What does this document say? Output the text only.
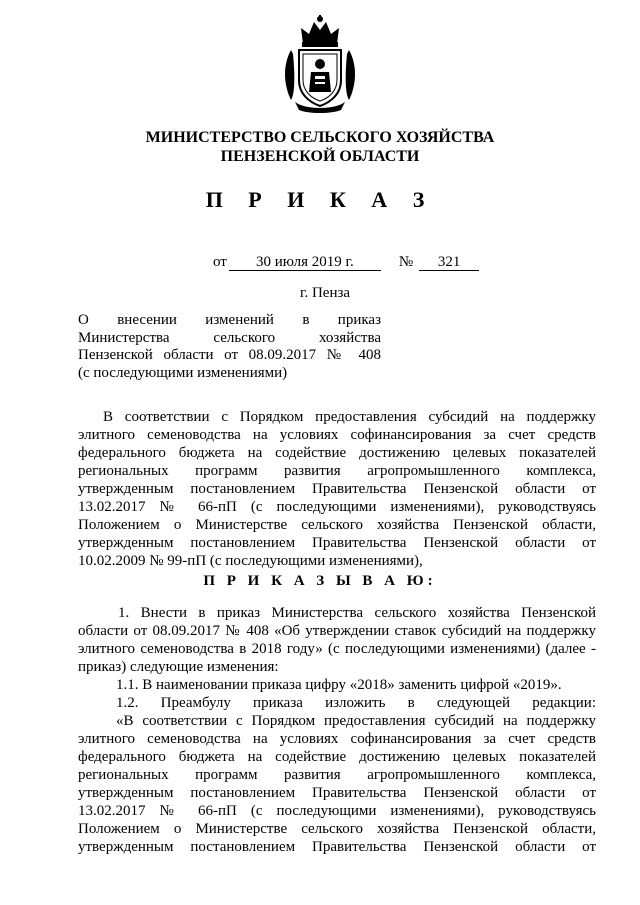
МИНИСТЕРСТВО СЕЛЬСКОГО ХОЗЯЙСТВА
ПЕНЗЕНСКОЙ ОБЛАСТИ
П Р И К А З
от 30 июля 2019 г.	№ 321
г. Пенза
О внесении изменений в приказ
Министерства сельского хозяйства
Пензенской области от 08.09.2017 № 408
(с последующими изменениями)
В соответствии с Порядком предоставления субсидий на поддержку
элитного семеноводства на условиях софинансирования за счет средств
федерального бюджета на содействие достижению целевых показателей
региональных программ развития агропромышленного комплекса,
утвержденным постановлением Правительства Пензенской области от
13.02.2017 № 66-пП (с последующими изменениями), руководствуясь
Положением о Министерстве сельского хозяйства Пензенской области,
утвержденным постановлением Правительства Пензенской области от
10.02.2009 № 99-пП (с последующими изменениями),
П Р И К А З Ы В А Ю:
1. Внести в приказ Министерства сельского хозяйства Пензенской
области от 08.09.2017 № 408 «Об утверждении ставок субсидий на поддержку
элитного семеноводства в 2018 году» (с последующими изменениями) (далее -
приказ) следующие изменения:
1.1. В наименовании приказа цифру «2018» заменить цифрой «2019».
1.2. Преамбулу приказа изложить в следующей редакции:
«В соответствии с Порядком предоставления субсидий на поддержку
элитного семеноводства на условиях софинансирования за счет средств
федерального бюджета на содействие достижению целевых показателей
региональных программ развития агропромышленного комплекса,
утвержденным постановлением Правительства Пензенской области от
13.02.2017 № 66-пП (с последующими изменениями), руководствуясь
Положением о Министерстве сельского хозяйства Пензенской области,
утвержденным постановлением Правительства Пензенской области от
